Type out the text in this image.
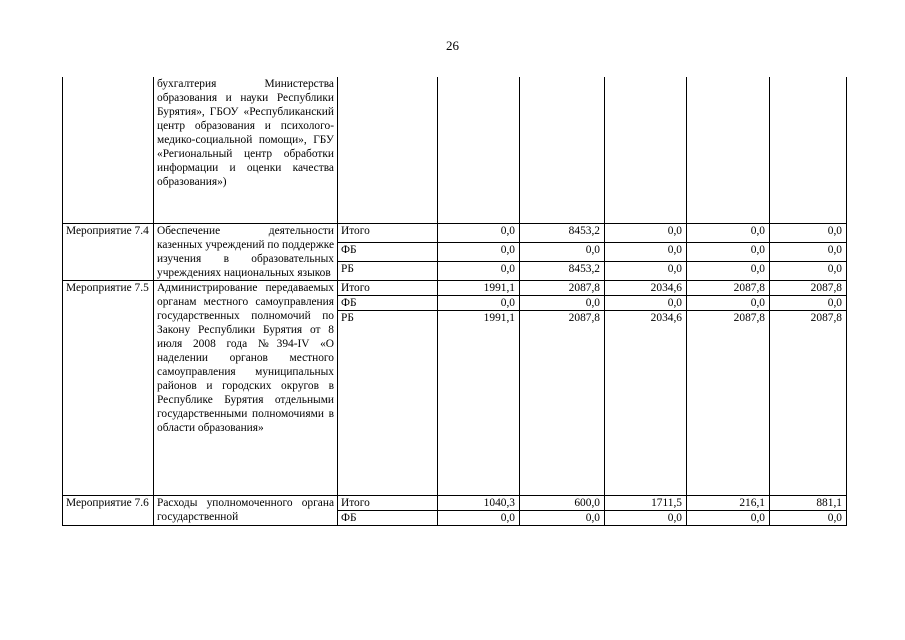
26
	бухгалтерия Министерства образования и науки Республики Бурятия», ГБОУ «Республиканский центр образования и психолого-медико-социальной помощи», ГБУ «Региональный центр обработки информации и оценки качества образования»)						
Мероприятие 7.4	Обеспечение деятельности казенных учреждений по поддержке изучения в образовательных учреждениях национальных языков	Итого	0,0	8453,2	0,0	0,0	0,0
		ФБ	0,0	0,0	0,0	0,0	0,0
		РБ	0,0	8453,2	0,0	0,0	0,0
Мероприятие 7.5	Администрирование передаваемых органам местного самоуправления государственных полномочий по Закону Республики Бурятия от 8 июля 2008 года №394-IV «О наделении органов местного самоуправления муниципальных районов и городских округов в Республике Бурятия отдельными государственными полномочиями в области образования»	Итого	1991,1	2087,8	2034,6	2087,8	2087,8
		ФБ	0,0	0,0	0,0	0,0	0,0
		РБ	1991,1	2087,8	2034,6	2087,8	2087,8
Мероприятие 7.6	Расходы уполномоченного органа государственной	Итого	1040,3	600,0	1711,5	216,1	881,1
		ФБ	0,0	0,0	0,0	0,0	0,0
